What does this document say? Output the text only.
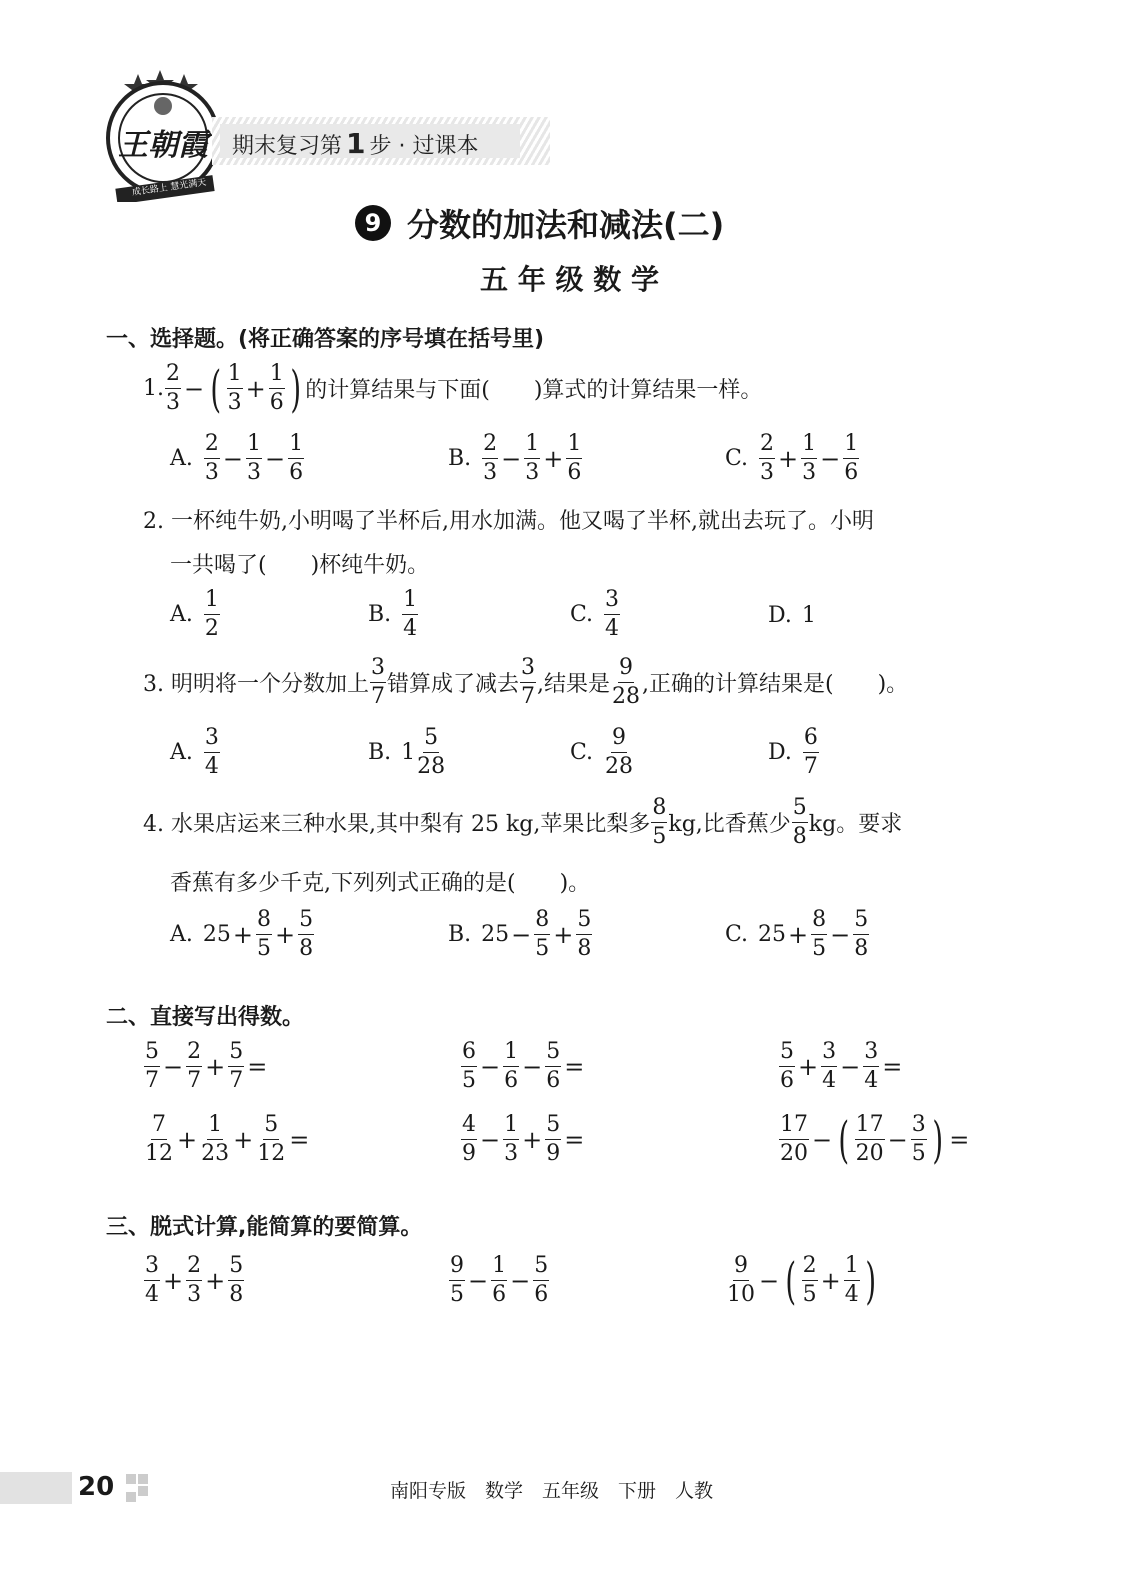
王朝霞
成长路上 慧光满天
期末复习第 1 步 · 过课本
9 分数的加法和减法(二)
五 年 级 数 学
一、选择题。(将正确答案的序号填在括号里)
1. $\frac{2}{3}$ − ( $\frac{1}{3} + \frac{1}{6}$ ) 的计算结果与下面(　　)算式的计算结果一样。
A. $\frac{2}{3} - \frac{1}{3} - \frac{1}{6}$	B. $\frac{2}{3} - \frac{1}{3} + \frac{1}{6}$	C. $\frac{2}{3} + \frac{1}{3} - \frac{1}{6}$
2. 一杯纯牛奶,小明喝了半杯后,用水加满。他又喝了半杯,就出去玩了。小明
一共喝了(　　)杯纯牛奶。
A. $\frac{1}{2}$	B. $\frac{1}{4}$	C. $\frac{3}{4}$	D. 1
3. 明明将一个分数加上 $\frac{3}{7}$ 错算成了减去 $\frac{3}{7}$ ,结果是 $\frac{9}{28}$ ,正确的计算结果是(　　)。
A. $\frac{3}{4}$	B. $1 \frac{5}{28}$	C. $\frac{9}{28}$	D. $\frac{6}{7}$
4. 水果店运来三种水果,其中梨有 25 kg,苹果比梨多 $\frac{8}{5}$ kg,比香蕉少 $\frac{5}{8}$ kg。要求
香蕉有多少千克,下列列式正确的是(　　)。
A. $25 + \frac{8}{5} + \frac{5}{8}$	B. $25 - \frac{8}{5} + \frac{5}{8}$	C. $25 + \frac{8}{5} - \frac{5}{8}$
二、直接写出得数。
$\frac{5}{7} - \frac{2}{7} + \frac{5}{7}$ =	$\frac{6}{5} - \frac{1}{6} - \frac{5}{6}$ =	$\frac{5}{6} + \frac{3}{4} - \frac{3}{4}$ =
$\frac{7}{12} + \frac{1}{23} + \frac{5}{12}$ =	$\frac{4}{9} - \frac{1}{3} + \frac{5}{9}$ =	$\frac{17}{20}$ − ( $\frac{17}{20} - \frac{3}{5}$ ) =
三、脱式计算,能简算的要简算。
$\frac{3}{4} + \frac{2}{3} + \frac{5}{8}$	$\frac{9}{5} - \frac{1}{6} - \frac{5}{6}$	$\frac{9}{10}$ − ( $\frac{2}{5} + \frac{1}{4}$ )
20	南阳专版　数学　五年级　下册　人教
